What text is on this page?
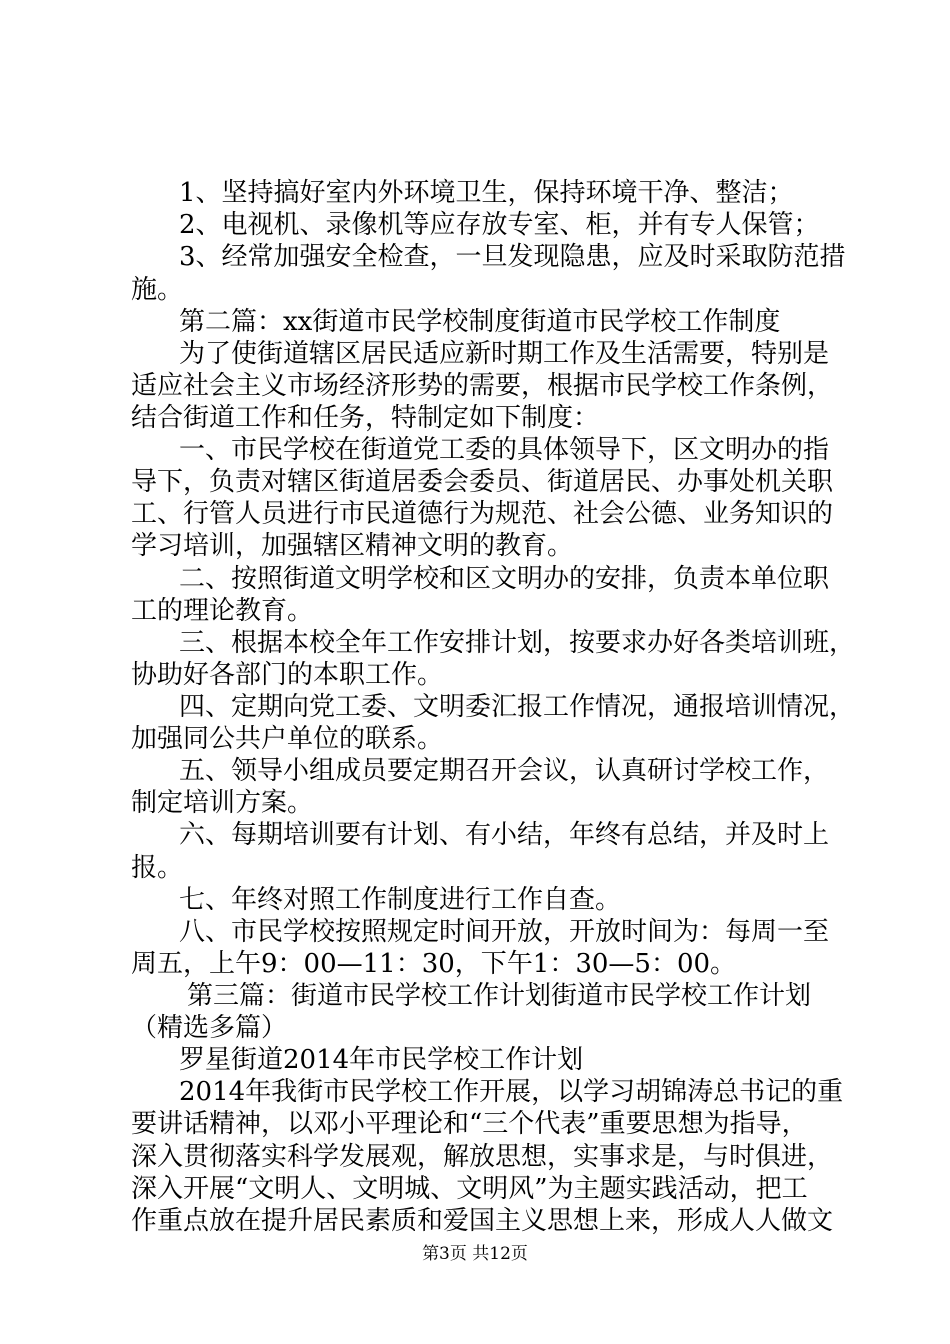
1、坚持搞好室内外环境卫生，保持环境干净、整洁；
2、电视机、录像机等应存放专室、柜，并有专人保管；
3、经常加强安全检查，一旦发现隐患，应及时采取防范措
施。
第二篇：xx街道市民学校制度街道市民学校工作制度
为了使街道辖区居民适应新时期工作及生活需要，特别是
适应社会主义市场经济形势的需要，根据市民学校工作条例，
结合街道工作和任务，特制定如下制度：
一、市民学校在街道党工委的具体领导下，区文明办的指
导下，负责对辖区街道居委会委员、街道居民、办事处机关职
工、行管人员进行市民道德行为规范、社会公德、业务知识的
学习培训，加强辖区精神文明的教育。
二、按照街道文明学校和区文明办的安排，负责本单位职
工的理论教育。
三、根据本校全年工作安排计划，按要求办好各类培训班，
协助好各部门的本职工作。
四、定期向党工委、文明委汇报工作情况，通报培训情况，
加强同公共户单位的联系。
五、领导小组成员要定期召开会议，认真研讨学校工作，
制定培训方案。
六、每期培训要有计划、有小结，年终有总结，并及时上
报。
七、年终对照工作制度进行工作自查。
八、市民学校按照规定时间开放，开放时间为：每周一至
周五，上午9：00—11：30，下午1：30—5：00。
第三篇：街道市民学校工作计划街道市民学校工作计划
（精选多篇）
罗星街道2014年市民学校工作计划
2014年我街市民学校工作开展，以学习胡锦涛总书记的重
要讲话精神，以邓小平理论和“三个代表”重要思想为指导，
深入贯彻落实科学发展观，解放思想，实事求是，与时俱进，
深入开展“文明人、文明城、文明风”为主题实践活动，把工
作重点放在提升居民素质和爱国主义思想上来，形成人人做文
第3页 共12页
